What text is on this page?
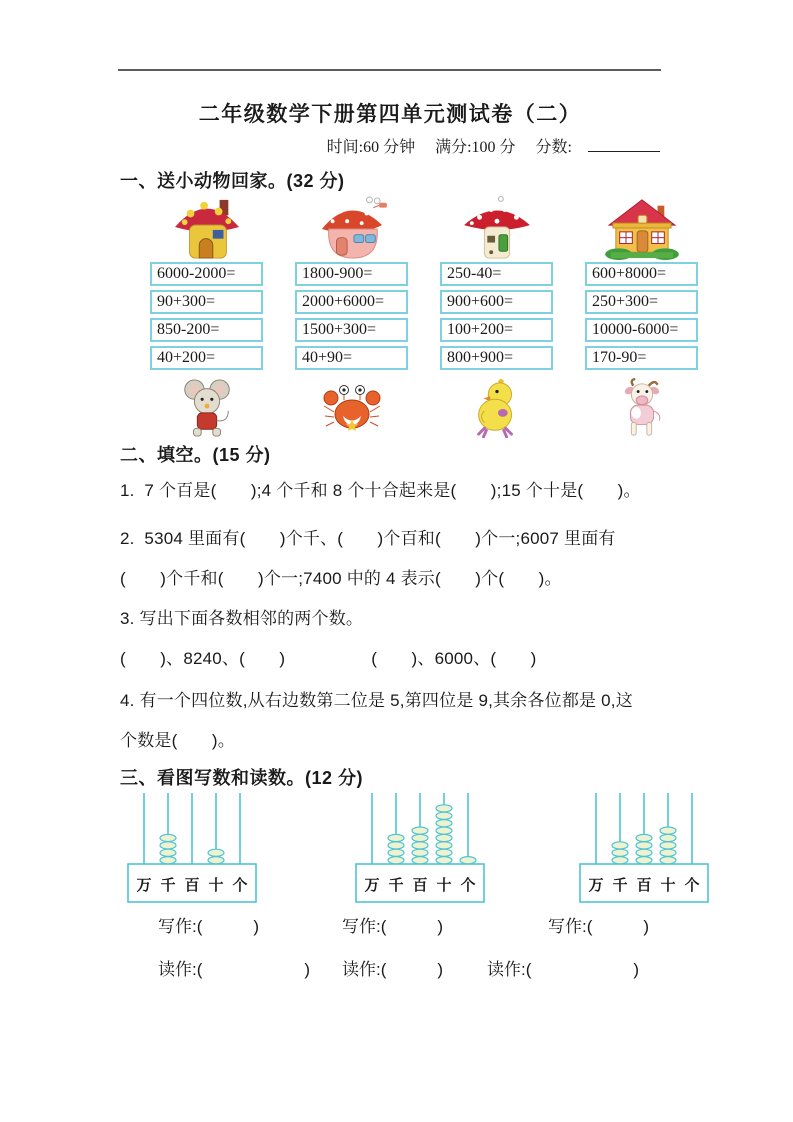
二年级数学下册第四单元测试卷（二）
时间:60 分钟 满分:100 分 分数:
一、送小动物回家。(32 分)
6000-2000=
90+300=
850-200=
40+200=
1800-900=
2000+6000=
1500+300=
40+90=
250-40=
900+600=
100+200=
800+900=
600+8000=
250+300=
10000-6000=
170-90=
二、填空。(15 分)
1.  7 个百是(　　);4 个千和 8 个十合起来是(　　);15 个十是(　　)。
2.  5304 里面有(　　)个千、(　　)个百和(　　)个一;6007 里面有
(　　)个千和(　　)个一;7400 中的 4 表示(　　)个(　　)。
3. 写出下面各数相邻的两个数。
(　　)、8240、(　　)　　　　　(　　)、6000、(　　)
4. 有一个四位数,从右边数第二位是 5,第四位是 9,其余各位都是 0,这
个数是(　　)。
三、看图写数和读数。(12 分)
万 千 百 十 个	万 千 百 十 个	万 千 百 十 个
写作:(　　　)	写作:(　　　)	写作:(　　　)
读作:(　　　　　　) 读作:(　　　)	读作:(　　　　　　)
